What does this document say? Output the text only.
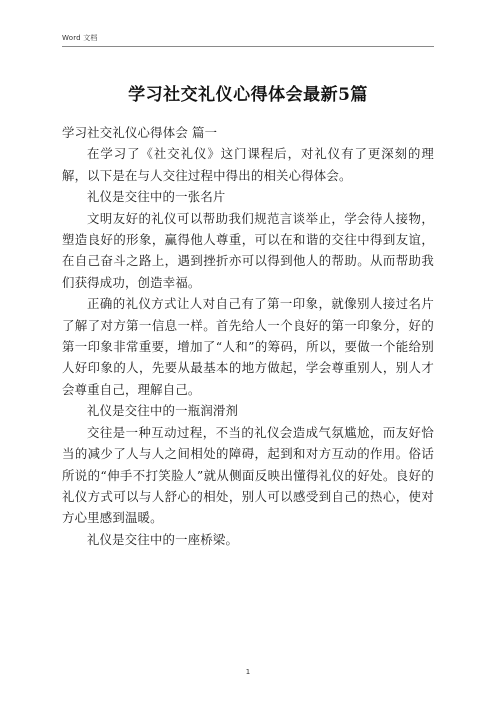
Word 文档
学习社交礼仪心得体会最新5篇

学习社交礼仪心得体会 篇一

在学习了《社交礼仪》这门课程后，对礼仪有了更深刻的理解，以下是在与人交往过程中得出的相关心得体会。

礼仪是交往中的一张名片

文明友好的礼仪可以帮助我们规范言谈举止，学会待人接物，塑造良好的形象，赢得他人尊重，可以在和谐的交往中得到友谊，在自己奋斗之路上，遇到挫折亦可以得到他人的帮助。从而帮助我们获得成功，创造幸福。

正确的礼仪方式让人对自己有了第一印象，就像别人接过名片了解了对方第一信息一样。首先给人一个良好的第一印象分，好的第一印象非常重要，增加了“人和”的筹码，所以，要做一个能给别人好印象的人，先要从最基本的地方做起，学会尊重别人，别人才会尊重自己，理解自己。

礼仪是交往中的一瓶润滑剂

交往是一种互动过程，不当的礼仪会造成气氛尴尬，而友好恰当的减少了人与人之间相处的障碍，起到和对方互动的作用。俗话所说的“伸手不打笑脸人”就从侧面反映出懂得礼仪的好处。良好的礼仪方式可以与人舒心的相处，别人可以感受到自己的热心，使对方心里感到温暖。

礼仪是交往中的一座桥梁。

1
